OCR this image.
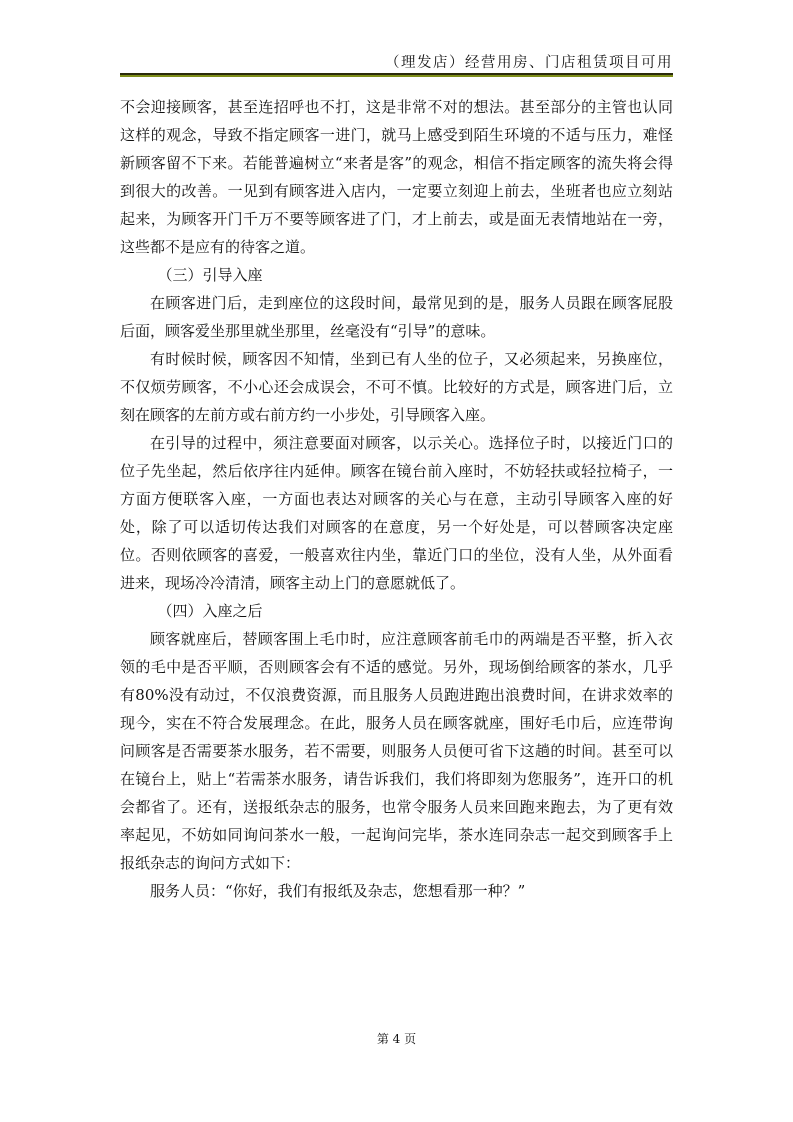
（理发店）经营用房、门店租赁项目可用

不会迎接顾客，甚至连招呼也不打，这是非常不对的想法。甚至部分的主管也认同这样的观念，导致不指定顾客一进门，就马上感受到陌生环境的不适与压力，难怪新顾客留不下来。若能普遍树立“来者是客”的观念，相信不指定顾客的流失将会得到很大的改善。一见到有顾客进入店内，一定要立刻迎上前去，坐班者也应立刻站起来，为顾客开门千万不要等顾客进了门，才上前去，或是面无表情地站在一旁，这些都不是应有的待客之道。

（三）引导入座

在顾客进门后，走到座位的这段时间，最常见到的是，服务人员跟在顾客屁股后面，顾客爱坐那里就坐那里，丝毫没有“引导”的意味。

有时候时候，顾客因不知情，坐到已有人坐的位子，又必须起来，另换座位，不仅烦劳顾客，不小心还会成误会，不可不慎。比较好的方式是，顾客进门后，立刻在顾客的左前方或右前方约一小步处，引导顾客入座。

在引导的过程中，须注意要面对顾客，以示关心。选择位子时，以接近门口的位子先坐起，然后依序往内延伸。顾客在镜台前入座时，不妨轻扶或轻拉椅子，一方面方便联客入座，一方面也表达对顾客的关心与在意，主动引导顾客入座的好处，除了可以适切传达我们对顾客的在意度，另一个好处是，可以替顾客决定座位。否则依顾客的喜爱，一般喜欢往内坐，靠近门口的坐位，没有人坐，从外面看进来，现场冷冷清清，顾客主动上门的意愿就低了。

（四）入座之后

顾客就座后，替顾客围上毛巾时，应注意顾客前毛巾的两端是否平整，折入衣领的毛中是否平顺，否则顾客会有不适的感觉。另外，现场倒给顾客的茶水，几乎有80%没有动过，不仅浪费资源，而且服务人员跑进跑出浪费时间，在讲求效率的现今，实在不符合发展理念。在此，服务人员在顾客就座，围好毛巾后，应连带询问顾客是否需要茶水服务，若不需要，则服务人员便可省下这趟的时间。甚至可以在镜台上，贴上“若需茶水服务，请告诉我们，我们将即刻为您服务”，连开口的机会都省了。还有，送报纸杂志的服务，也常令服务人员来回跑来跑去，为了更有效率起见，不妨如同询问茶水一般，一起询问完毕，茶水连同杂志一起交到顾客手上报纸杂志的询问方式如下：

服务人员：“你好，我们有报纸及杂志，您想看那一种？”

第 4 页
